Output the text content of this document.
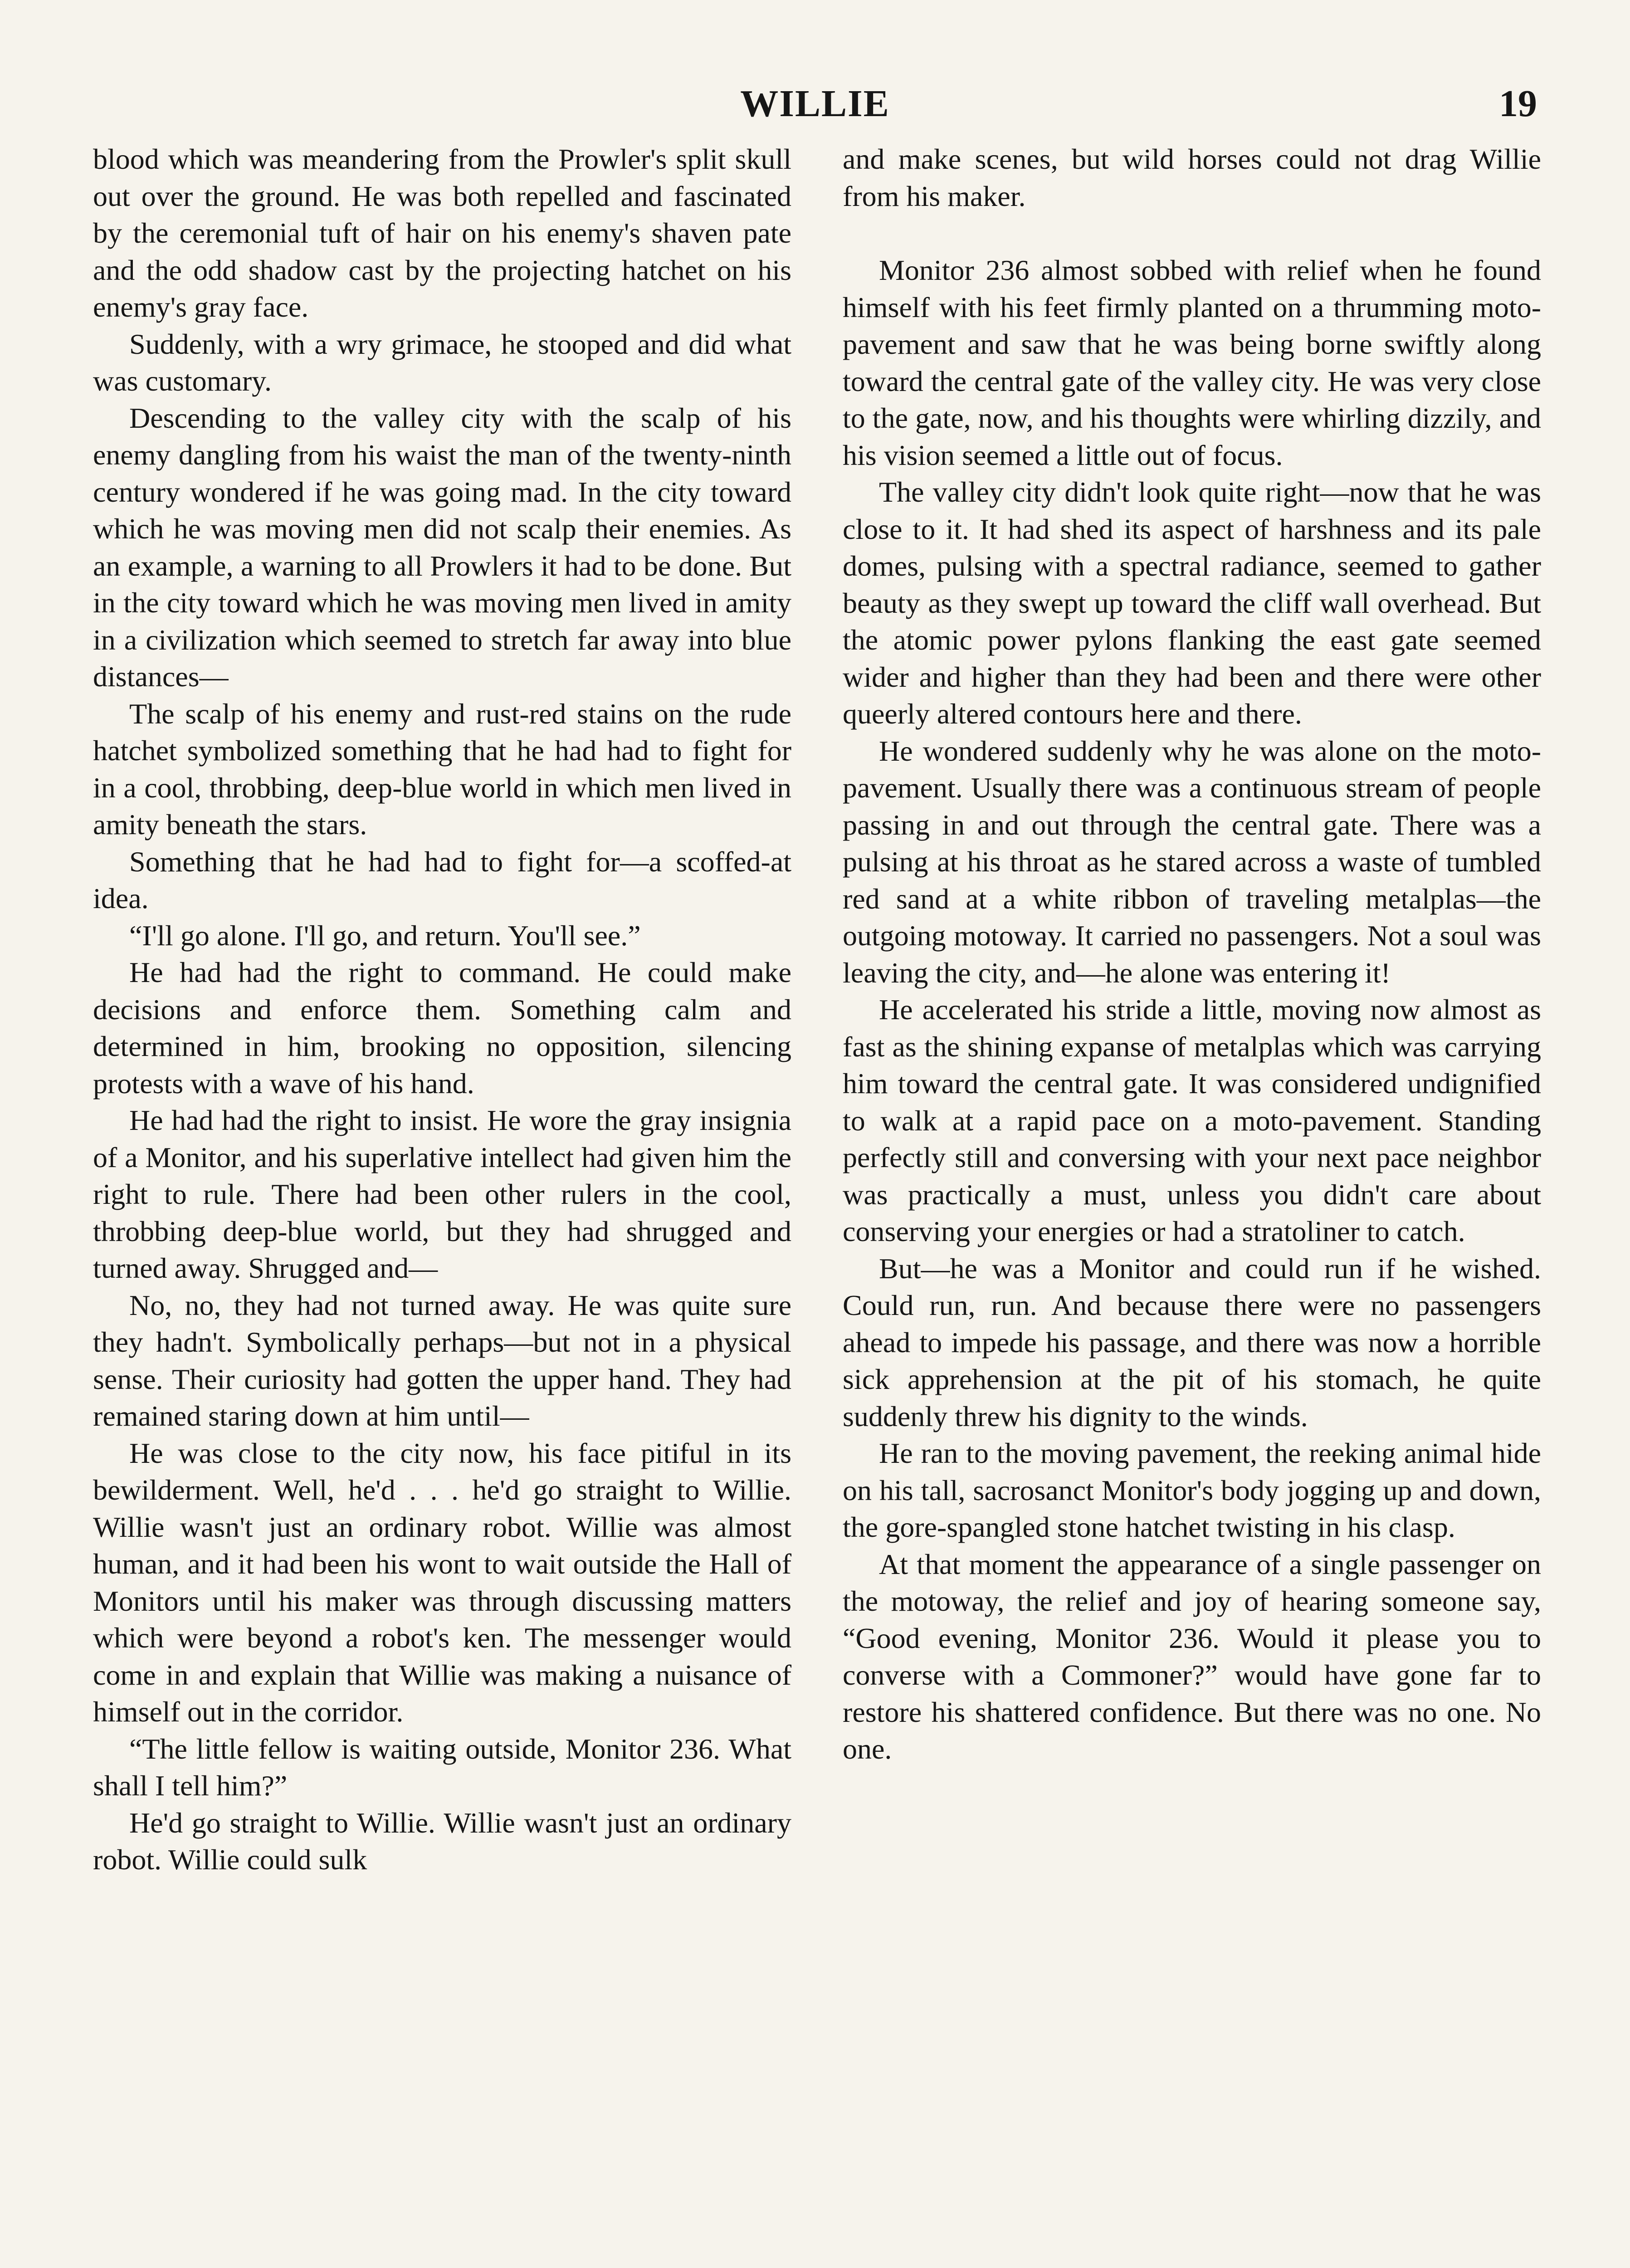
WILLIE	19

blood which was meandering from the Prowler's split skull out over the ground. He was both repelled and fascinated by the ceremonial tuft of hair on his enemy's shaven pate and the odd shadow cast by the projecting hatchet on his enemy's gray face.

Suddenly, with a wry grimace, he stooped and did what was customary.

Descending to the valley city with the scalp of his enemy dangling from his waist the man of the twenty-ninth century wondered if he was going mad. In the city toward which he was moving men did not scalp their enemies. As an example, a warning to all Prowlers it had to be done. But in the city toward which he was moving men lived in amity in a civilization which seemed to stretch far away into blue distances—

The scalp of his enemy and rust-red stains on the rude hatchet symbolized something that he had had to fight for in a cool, throbbing, deep-blue world in which men lived in amity beneath the stars.

Something that he had had to fight for—a scoffed-at idea.

“I'll go alone. I'll go, and return. You'll see.”

He had had the right to command. He could make decisions and enforce them. Something calm and determined in him, brooking no opposition, silencing protests with a wave of his hand.

He had had the right to insist. He wore the gray insignia of a Monitor, and his superlative intellect had given him the right to rule. There had been other rulers in the cool, throbbing deep-blue world, but they had shrugged and turned away. Shrugged and—

No, no, they had not turned away. He was quite sure they hadn't. Symbolically perhaps—but not in a physical sense. Their curiosity had gotten the upper hand. They had remained staring down at him until—

He was close to the city now, his face pitiful in its bewilderment. Well, he'd . . . he'd go straight to Willie. Willie wasn't just an ordinary robot. Willie was almost human, and it had been his wont to wait outside the Hall of Monitors until his maker was through discussing matters which were beyond a robot's ken. The messenger would come in and explain that Willie was making a nuisance of himself out in the corridor.

“The little fellow is waiting outside, Monitor 236. What shall I tell him?”

He'd go straight to Willie. Willie wasn't just an ordinary robot. Willie could sulk

and make scenes, but wild horses could not drag Willie from his maker.

Monitor 236 almost sobbed with relief when he found himself with his feet firmly planted on a thrumming moto-pavement and saw that he was being borne swiftly along toward the central gate of the valley city. He was very close to the gate, now, and his thoughts were whirling dizzily, and his vision seemed a little out of focus.

The valley city didn't look quite right—now that he was close to it. It had shed its aspect of harshness and its pale domes, pulsing with a spectral radiance, seemed to gather beauty as they swept up toward the cliff wall overhead. But the atomic power pylons flanking the east gate seemed wider and higher than they had been and there were other queerly altered contours here and there.

He wondered suddenly why he was alone on the moto-pavement. Usually there was a continuous stream of people passing in and out through the central gate. There was a pulsing at his throat as he stared across a waste of tumbled red sand at a white ribbon of traveling metalplas—the outgoing motoway. It carried no passengers. Not a soul was leaving the city, and—he alone was entering it!

He accelerated his stride a little, moving now almost as fast as the shining expanse of metalplas which was carrying him toward the central gate. It was considered undignified to walk at a rapid pace on a moto-pavement. Standing perfectly still and conversing with your next pace neighbor was practically a must, unless you didn't care about conserving your energies or had a stratoliner to catch.

But—he was a Monitor and could run if he wished. Could run, run. And because there were no passengers ahead to impede his passage, and there was now a horrible sick apprehension at the pit of his stomach, he quite suddenly threw his dignity to the winds.

He ran to the moving pavement, the reeking animal hide on his tall, sacrosanct Monitor's body jogging up and down, the gore-spangled stone hatchet twisting in his clasp.

At that moment the appearance of a single passenger on the motoway, the relief and joy of hearing someone say, “Good evening, Monitor 236. Would it please you to converse with a Commoner?” would have gone far to restore his shattered confidence. But there was no one. No one.
